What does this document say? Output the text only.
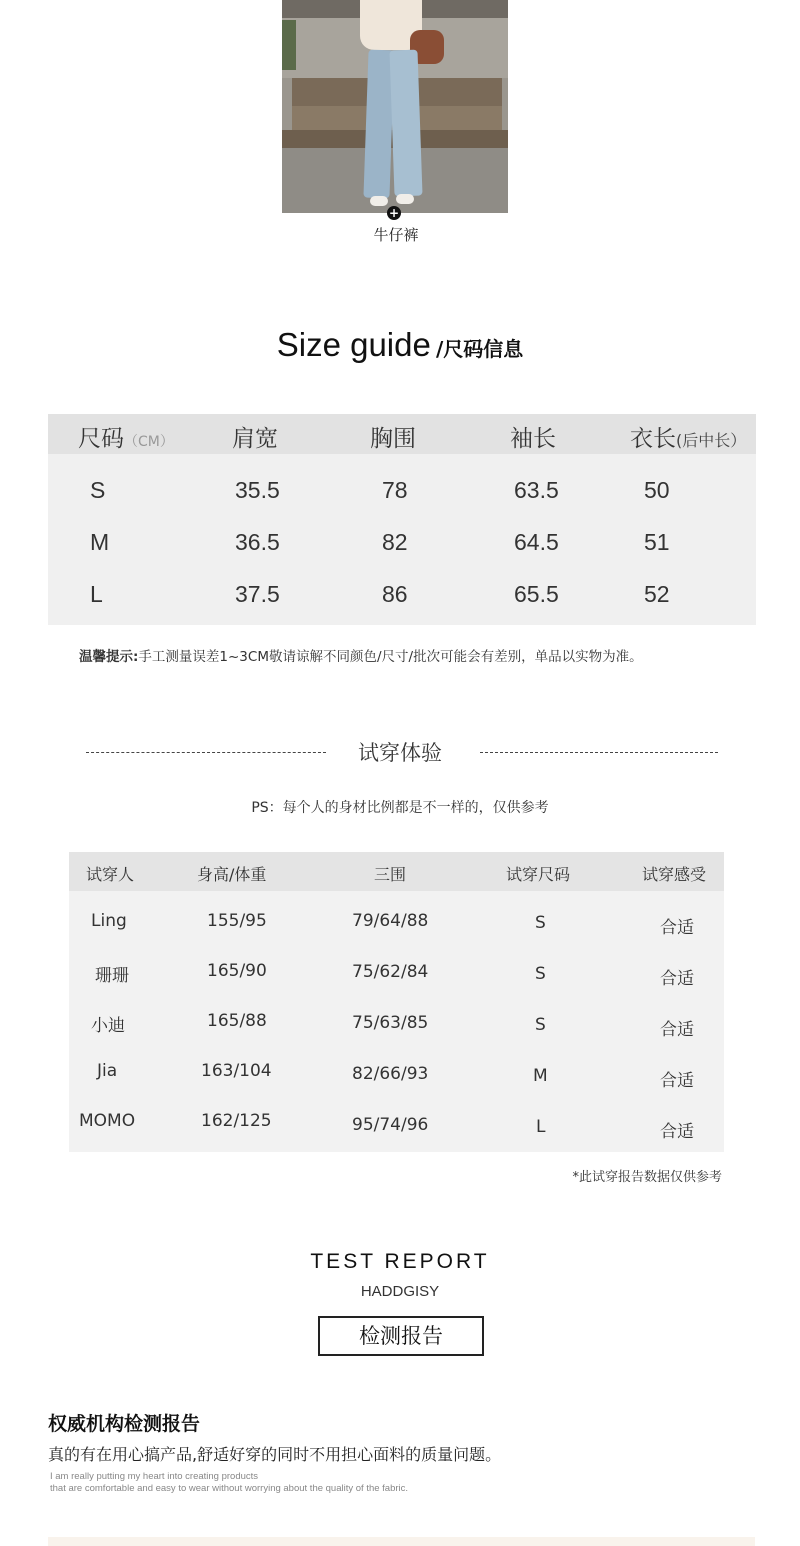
+
牛仔裤
Size guide /尺码信息
尺码（CM）	肩宽	胸围	袖长	衣长(后中长）
S	35.5	78	63.5	50
M	36.5	82	64.5	51
L	37.5	86	65.5	52
温馨提示:手工测量误差1~3CM敬请谅解不同颜色/尺寸/批次可能会有差别，单品以实物为准。
试穿体验
PS：每个人的身材比例都是不一样的，仅供参考
试穿人	身高/体重	三围	试穿尺码	试穿感受
Ling	155/95	79/64/88	S	合适
珊珊	165/90	75/62/84	S	合适
小迪	165/88	75/63/85	S	合适
Jia	163/104	82/66/93	M	合适
MOMO	162/125	95/74/96	L	合适
*此试穿报告数据仅供参考
TEST REPORT
HADDGISY
检测报告
权威机构检测报告
真的有在用心搞产品,舒适好穿的同时不用担心面料的质量问题。
I am really putting my heart into creating products
that are comfortable and easy to wear without worrying about the quality of the fabric.
